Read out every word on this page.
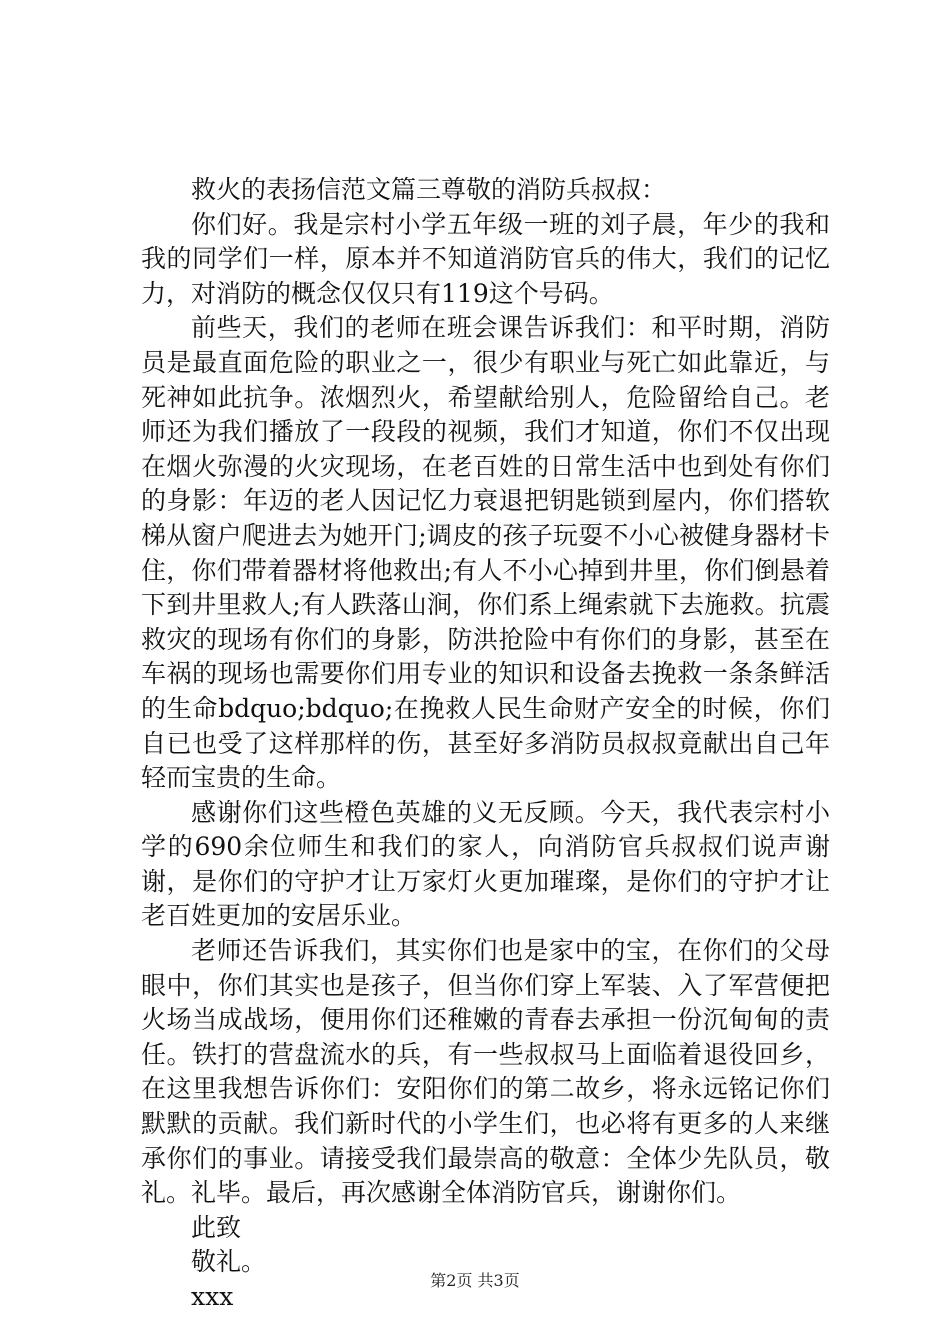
救火的表扬信范文篇三尊敬的消防兵叔叔：

你们好。我是宗村小学五年级一班的刘子晨，年少的我和我的同学们一样，原本并不知道消防官兵的伟大，我们的记忆力，对消防的概念仅仅只有119这个号码。

前些天，我们的老师在班会课告诉我们：和平时期，消防员是最直面危险的职业之一，很少有职业与死亡如此靠近，与死神如此抗争。浓烟烈火，希望献给别人，危险留给自己。老师还为我们播放了一段段的视频，我们才知道，你们不仅出现在烟火弥漫的火灾现场，在老百姓的日常生活中也到处有你们的身影：年迈的老人因记忆力衰退把钥匙锁到屋内，你们搭软梯从窗户爬进去为她开门;调皮的孩子玩耍不小心被健身器材卡住，你们带着器材将他救出;有人不小心掉到井里，你们倒悬着下到井里救人;有人跌落山涧，你们系上绳索就下去施救。抗震救灾的现场有你们的身影，防洪抢险中有你们的身影，甚至在车祸的现场也需要你们用专业的知识和设备去挽救一条条鲜活的生命bdquo;bdquo;在挽救人民生命财产安全的时候，你们自已也受了这样那样的伤，甚至好多消防员叔叔竟献出自己年轻而宝贵的生命。

感谢你们这些橙色英雄的义无反顾。今天，我代表宗村小学的690余位师生和我们的家人，向消防官兵叔叔们说声谢谢，是你们的守护才让万家灯火更加璀璨，是你们的守护才让老百姓更加的安居乐业。

老师还告诉我们，其实你们也是家中的宝，在你们的父母眼中，你们其实也是孩子，但当你们穿上军装、入了军营便把火场当成战场，便用你们还稚嫩的青春去承担一份沉甸甸的责任。铁打的营盘流水的兵，有一些叔叔马上面临着退役回乡，在这里我想告诉你们：安阳你们的第二故乡，将永远铭记你们默默的贡献。我们新时代的小学生们，也必将有更多的人来继承你们的事业。请接受我们最崇高的敬意：全体少先队员，敬礼。礼毕。最后，再次感谢全体消防官兵，谢谢你们。

此致

敬礼。

xxx

第2页 共3页
